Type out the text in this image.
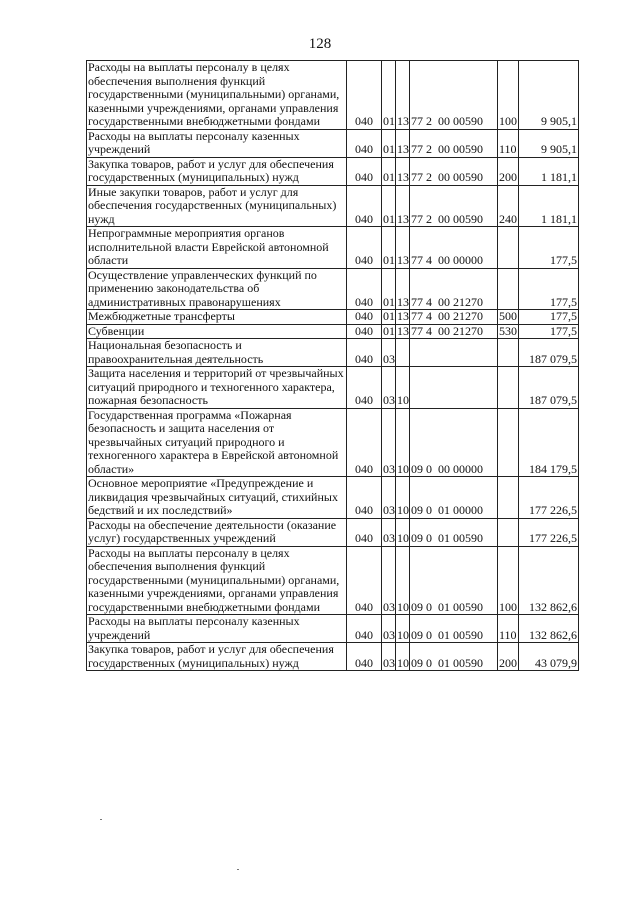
128
Расходы на выплаты персоналу в целях обеспечения выполнения функций государственными (муниципальными) органами, казенными учреждениями, органами управления государственными внебюджетными фондами	040	01	13	77 2  00 00590	100	9 905,1
Расходы на выплаты персоналу казенных учреждений	040	01	13	77 2  00 00590	110	9 905,1
Закупка товаров, работ и услуг для обеспечения государственных (муниципальных) нужд	040	01	13	77 2  00 00590	200	1 181,1
Иные закупки товаров, работ и услуг для обеспечения государственных (муниципальных) нужд	040	01	13	77 2  00 00590	240	1 181,1
Непрограммные мероприятия органов исполнительной власти Еврейской автономной области	040	01	13	77 4  00 00000		177,5
Осуществление управленческих функций по применению законодательства об административных правонарушениях	040	01	13	77 4  00 21270		177,5
Межбюджетные трансферты	040	01	13	77 4  00 21270	500	177,5
Субвенции	040	01	13	77 4  00 21270	530	177,5
Национальная безопасность и правоохранительная деятельность	040	03				187 079,5
Защита населения и территорий от чрезвычайных ситуаций природного и техногенного характера, пожарная безопасность	040	03	10			187 079,5
Государственная программа «Пожарная безопасность и защита населения от чрезвычайных ситуаций природного и техногенного характера в Еврейской автономной области»	040	03	10	09 0  00 00000		184 179,5
Основное мероприятие «Предупреждение и ликвидация чрезвычайных ситуаций, стихийных бедствий и их последствий»	040	03	10	09 0  01 00000		177 226,5
Расходы на обеспечение деятельности (оказание услуг) государственных учреждений	040	03	10	09 0  01 00590		177 226,5
Расходы на выплаты персоналу в целях обеспечения выполнения функций государственными (муниципальными) органами, казенными учреждениями, органами управления государственными внебюджетными фондами	040	03	10	09 0  01 00590	100	132 862,6
Расходы на выплаты персоналу казенных учреждений	040	03	10	09 0  01 00590	110	132 862,6
Закупка товаров, работ и услуг для обеспечения государственных (муниципальных) нужд	040	03	10	09 0  01 00590	200	43 079,9
